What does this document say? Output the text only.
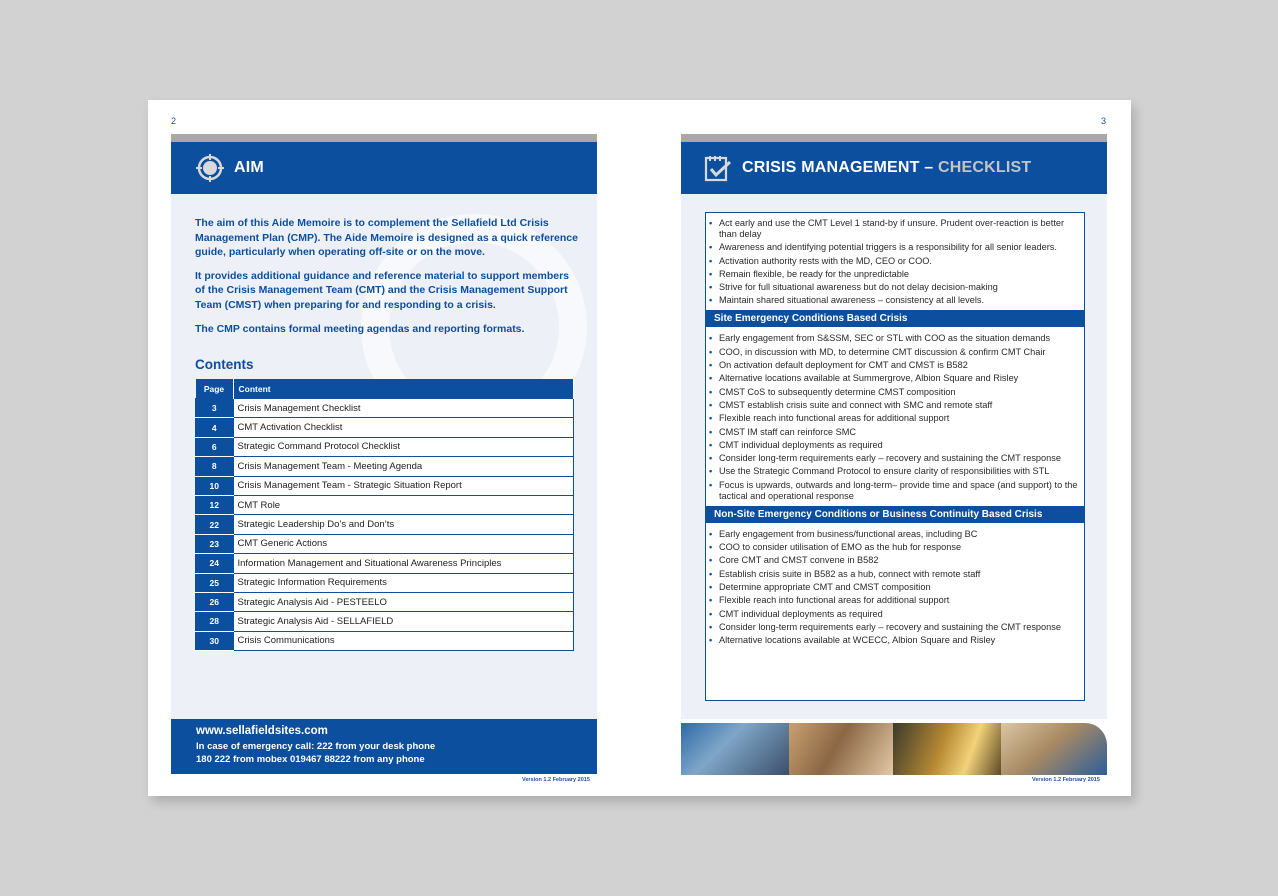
2
AIM

The aim of this Aide Memoire is to complement the Sellafield Ltd Crisis Management Plan (CMP). The Aide Memoire is designed as a quick reference guide, particularly when operating off-site or on the move.

It provides additional guidance and reference material to support members of the Crisis Management Team (CMT) and the Crisis Management Support Team (CMST) when preparing for and responding to a crisis.

The CMP contains formal meeting agendas and reporting formats.

Contents
Page	Content
3	Crisis Management Checklist
4	CMT Activation Checklist
6	Strategic Command Protocol Checklist
8	Crisis Management Team - Meeting Agenda
10	Crisis Management Team - Strategic Situation Report
12	CMT Role
22	Strategic Leadership Do’s and Don’ts
23	CMT Generic Actions
24	Information Management and Situational Awareness Principles
25	Strategic Information Requirements
26	Strategic Analysis Aid - PESTEELO
28	Strategic Analysis Aid - SELLAFIELD
30	Crisis Communications
www.sellafieldsites.com
In case of emergency call: 222 from your desk phone
180 222 from mobex 019467 88222 from any phone
Version 1.2 February 2015
3
CRISIS MANAGEMENT – CHECKLIST
• Act early and use the CMT Level 1 stand-by if unsure. Prudent over-reaction is better than delay
• Awareness and identifying potential triggers is a responsibility for all senior leaders.
• Activation authority rests with the MD, CEO or COO.
• Remain flexible, be ready for the unpredictable
• Strive for full situational awareness but do not delay decision-making
• Maintain shared situational awareness – consistency at all levels.
Site Emergency Conditions Based Crisis
• Early engagement from S&SSM, SEC or STL with COO as the situation demands
• COO, in discussion with MD, to determine CMT discussion & confirm CMT Chair
• On activation default deployment for CMT and CMST is B582
• Alternative locations available at Summergrove, Albion Square and Risley
• CMST CoS to subsequently determine CMST composition
• CMST establish crisis suite and connect with SMC and remote staff
• Flexible reach into functional areas for additional support
• CMST IM staff can reinforce SMC
• CMT individual deployments as required
• Consider long-term requirements early – recovery and sustaining the CMT response
• Use the Strategic Command Protocol to ensure clarity of responsibilities with STL
• Focus is upwards, outwards and long-term– provide time and space (and support) to the tactical and operational response
Non-Site Emergency Conditions or Business Continuity Based Crisis
• Early engagement from business/functional areas, including BC
• COO to consider utilisation of EMO as the hub for response
• Core CMT and CMST convene in B582
• Establish crisis suite in B582 as a hub, connect with remote staff
• Determine appropriate CMT and CMST composition
• Flexible reach into functional areas for additional support
• CMT individual deployments as required
• Consider long-term requirements early – recovery and sustaining the CMT response
• Alternative locations available at WCECC, Albion Square and Risley
Version 1.2 February 2015
